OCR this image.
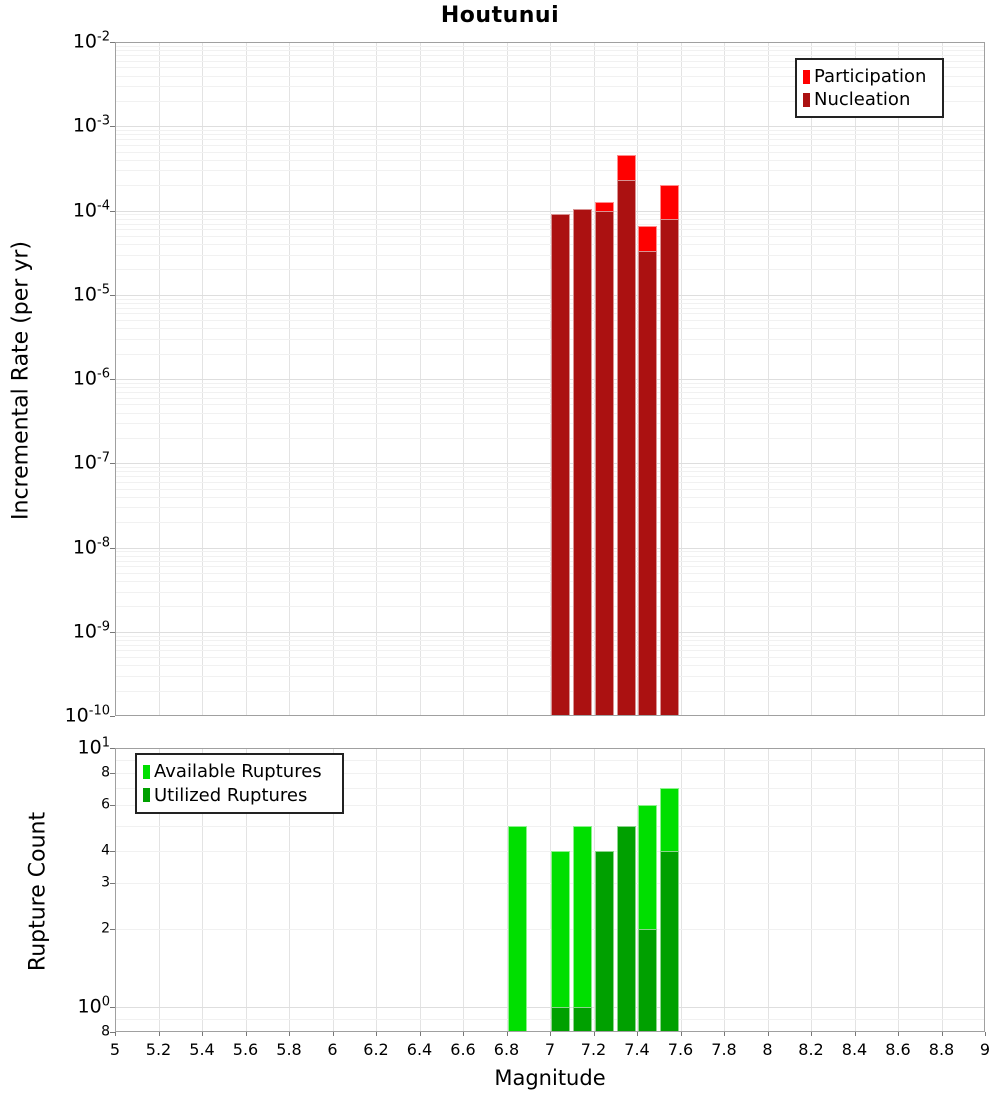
Houtunui
Incremental Rate (per yr)
Rupture Count
Magnitude
Participation
Nucleation
Available Ruptures
Utilized Ruptures
5	5.2	5.4	5.6	5.8	6	6.2	6.4	6.6	6.8	7	7.2	7.4	7.6	7.8	8	8.2	8.4	8.6	8.8	9
$10^{-2}$
$10^{-3}$
$10^{-4}$
$10^{-5}$
$10^{-6}$
$10^{-7}$
$10^{-8}$
$10^{-9}$
$10^{-10}$
$10^1$
8
6
4
3
2
$10^0$
8
